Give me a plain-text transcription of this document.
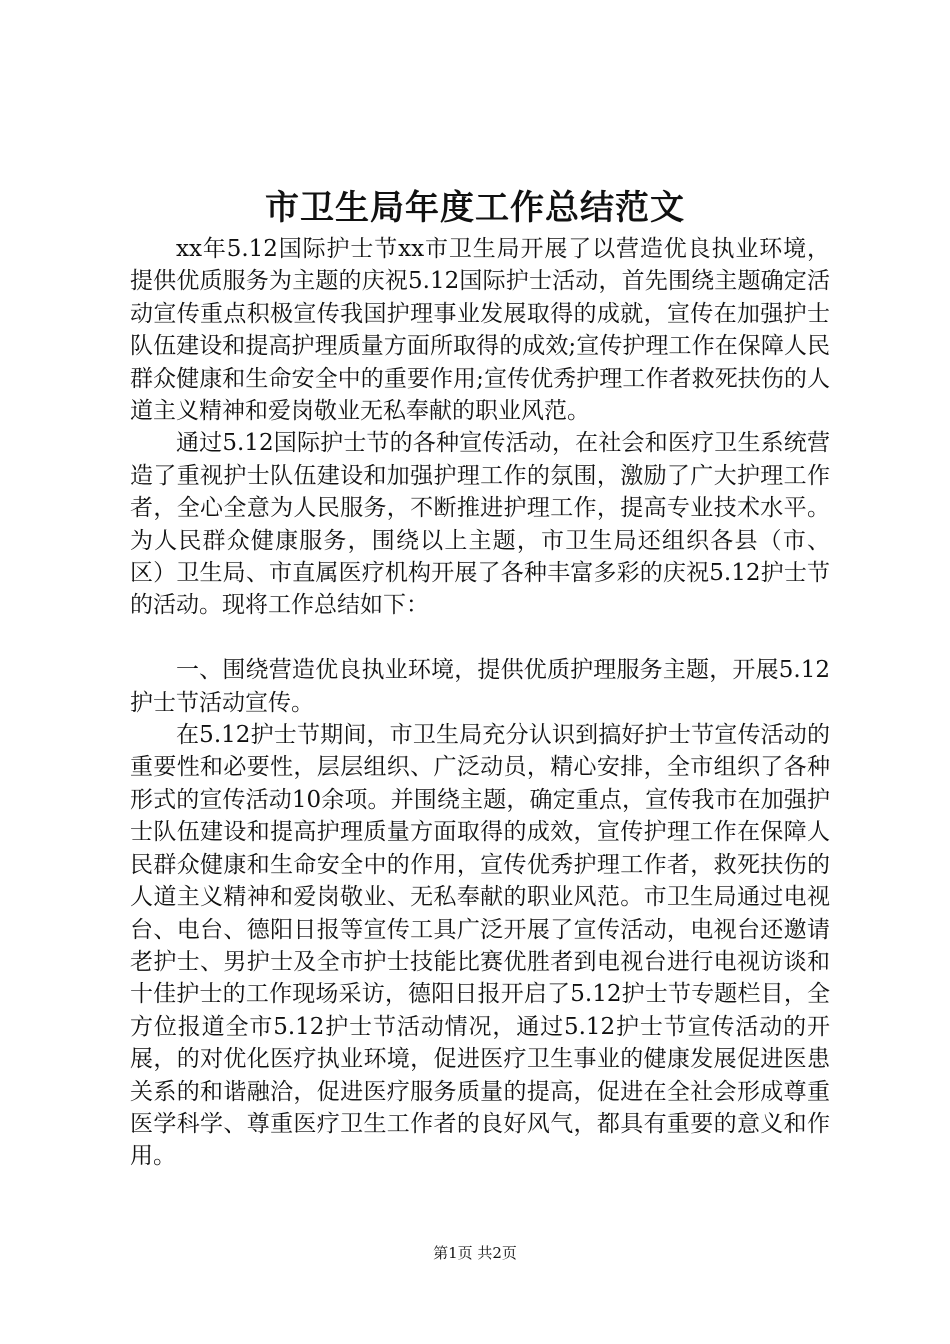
市卫生局年度工作总结范文

xx年5.12国际护士节xx市卫生局开展了以营造优良执业环境，提供优质服务为主题的庆祝5.12国际护士活动，首先围绕主题确定活动宣传重点积极宣传我国护理事业发展取得的成就，宣传在加强护士队伍建设和提高护理质量方面所取得的成效;宣传护理工作在保障人民群众健康和生命安全中的重要作用;宣传优秀护理工作者救死扶伤的人道主义精神和爱岗敬业无私奉献的职业风范。

通过5.12国际护士节的各种宣传活动，在社会和医疗卫生系统营造了重视护士队伍建设和加强护理工作的氛围，激励了广大护理工作者，全心全意为人民服务，不断推进护理工作，提高专业技术水平。为人民群众健康服务，围绕以上主题，市卫生局还组织各县（市、区）卫生局、市直属医疗机构开展了各种丰富多彩的庆祝5.12护士节的活动。现将工作总结如下：

一、围绕营造优良执业环境，提供优质护理服务主题，开展5.12护士节活动宣传。

在5.12护士节期间，市卫生局充分认识到搞好护士节宣传活动的重要性和必要性，层层组织、广泛动员，精心安排，全市组织了各种形式的宣传活动10余项。并围绕主题，确定重点，宣传我市在加强护士队伍建设和提高护理质量方面取得的成效，宣传护理工作在保障人民群众健康和生命安全中的作用，宣传优秀护理工作者，救死扶伤的人道主义精神和爱岗敬业、无私奉献的职业风范。市卫生局通过电视台、电台、德阳日报等宣传工具广泛开展了宣传活动，电视台还邀请老护士、男护士及全市护士技能比赛优胜者到电视台进行电视访谈和十佳护士的工作现场采访，德阳日报开启了5.12护士节专题栏目，全方位报道全市5.12护士节活动情况，通过5.12护士节宣传活动的开展，的对优化医疗执业环境，促进医疗卫生事业的健康发展促进医患关系的和谐融洽，促进医疗服务质量的提高，促进在全社会形成尊重医学科学、尊重医疗卫生工作者的良好风气，都具有重要的意义和作用。

第1页 共2页
